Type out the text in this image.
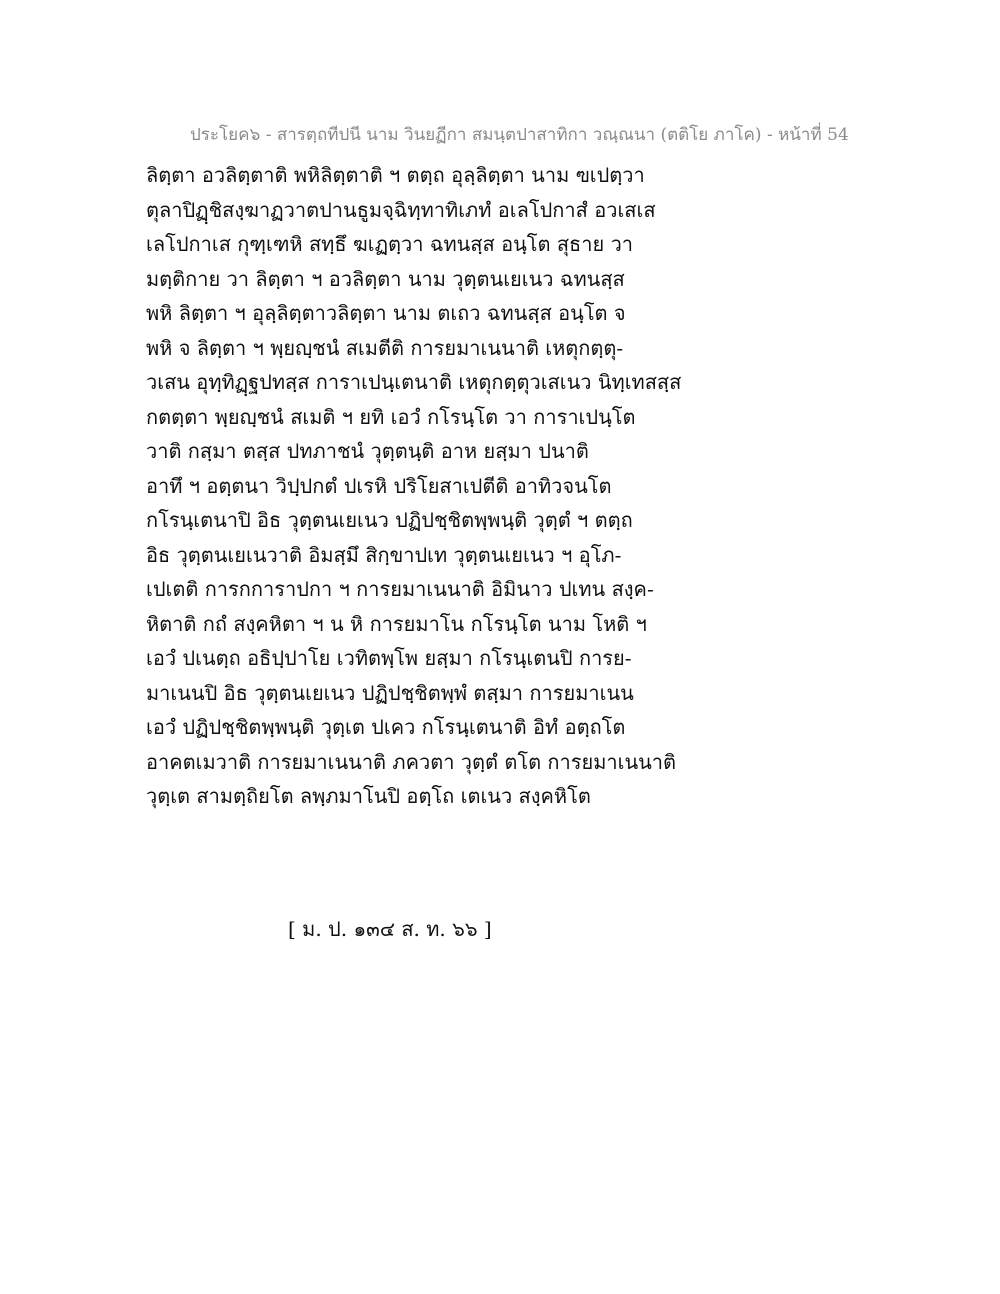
ประโยค๖ - สารตฺถทีปนี นาม วินยฏีกา สมนฺตปาสาทิกา วณฺณนา (ตติโย ภาโค) - หน้าที่ 54
ลิตฺตา อวลิตฺตาติ พหิลิตฺตาติ ฯ ตตฺถ อุลฺลิตฺตา นาม ฃเปตฺวา
ตุลาปิฏฺชิสงฺฆาฏวาตปานธูมจฺฉิทฺทาทิเภทํ อเลโปกาสํ อวเสเส
เลโปกาเส กุฑฺเฑหิ สทฺธึ ฆเฏตฺวา ฉทนสฺส อนฺโต สุธาย วา
มตฺติกาย วา ลิตฺตา ฯ อวลิตฺตา นาม วุตฺตนเยเนว ฉทนสฺส
พหิ ลิตฺตา ฯ อุลฺลิตฺตาวลิตฺตา นาม ตเถว ฉทนสฺส อนฺโต จ
พหิ จ ลิตฺตา ฯ พฺยญฺชนํ สเมตีติ การยมาเนนาติ เหตุกตฺตุ-
วเสน อุทฺทิฏฺฐปทสฺส การาเปนฺเตนาติ เหตุกตฺตุวเสเนว นิทฺเทสสฺส
กตตฺตา พฺยญฺชนํ สเมติ ฯ ยทิ เอวํ กโรนฺโต วา การาเปนฺโต
วาติ กสฺมา ตสฺส ปทภาชนํ วุตฺตนฺติ อาห ยสฺมา ปนาติ
อาทึ ฯ อตฺตนา วิปฺปกตํ ปเรหิ ปริโยสาเปตีติ อาทิวจนโต
กโรนฺเตนาปิ อิธ วุตฺตนเยเนว ปฏิปชฺชิตพฺพนฺติ วุตฺตํ ฯ ตตฺถ
อิธ วุตฺตนเยเนวาติ อิมสฺมึ สิกฺขาปเท วุตฺตนเยเนว ฯ อุโภ-
เปเตติ การกการาปกา ฯ การยมาเนนาติ อิมินาว ปเทน สงฺค-
หิตาติ กถํ สงฺคหิตา ฯ น หิ การยมาโน กโรนฺโต นาม โหติ ฯ
เอวํ ปเนตฺถ อธิปฺปาโย เวทิตพฺโพ ยสฺมา กโรนฺเตนปิ การย-
มาเนนปิ อิธ วุตฺตนเยเนว ปฏิปชฺชิตพฺพํ ตสฺมา การยมาเนน
เอวํ ปฏิปชฺชิตพฺพนฺติ วุตฺเต ปเคว กโรนฺเตนาติ อิทํ อตฺถโต
อาคตเมวาติ การยมาเนนาติ ภควตา วุตฺตํ ตโต การยมาเนนาติ
วุตฺเต สามตฺถิยโต ลพฺภมาโนปิ อตฺโถ เตเนว สงฺคหิโต
[ ม. ป. ๑๓๔ ส. ท. ๖๖ ]
